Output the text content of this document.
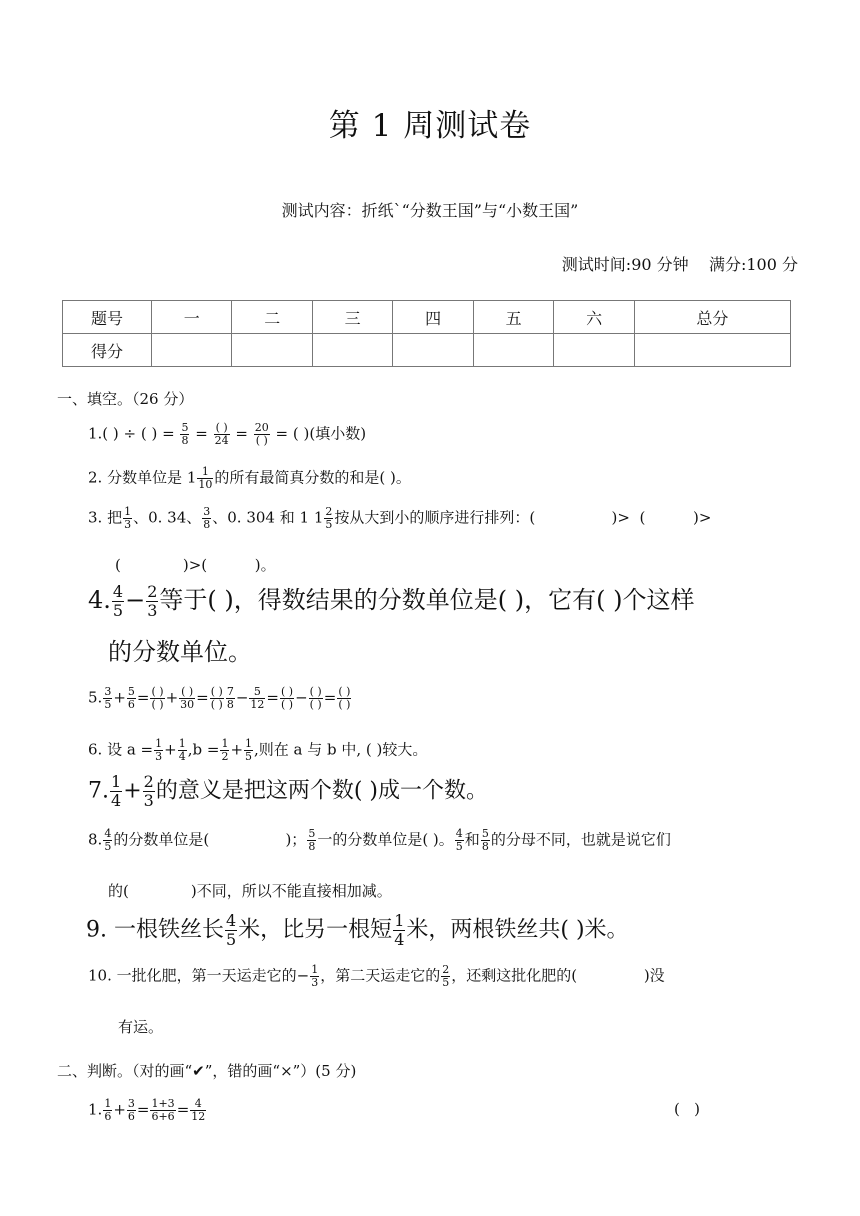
第 1 周测试卷
测试内容：折纸ˋ“分数王国”与“小数王国”
测试时间:90 分钟    满分:100 分
题号	一	二	三	四	五	六	总分
得分							
一、填空。（26 分）
1.( ) ÷ ( ) = $\frac{5}{8} = \frac{( )}{24} = \frac{20}{( )}$ = ( )(填小数)
2. 分数单位是 $1 \frac{1}{10}$ 的所有最简真分数的和是( )。
3. 把 $\frac{1}{3}$ 、0. 34、 $\frac{3}{8}$ 、0. 304 和 1 $1 \frac{2}{5}$ 按从大到小的顺序进行排列：(                )>  (          )>
(             )>(          )。
4. $\frac{4}{5} - \frac{2}{3}$ 等于( )，得数结果的分数单位是( )，它有( )个这样
的分数单位。
5. $\frac{3}{5} + \frac{5}{6} = \frac{( )}{( )} + \frac{( )}{30} = \frac{( )}{( )} \frac{7}{8} - \frac{5}{12} = \frac{( )}{( )} - \frac{( )}{( )} = \frac{( )}{( )}$
6. 设 $a = \frac{1}{3} + \frac{1}{4} ,b = \frac{1}{2} + \frac{1}{5}$ ,则在 a 与 b 中, ( )较大。
7. $\frac{1}{4} + \frac{2}{3}$ 的意义是把这两个数( )成一个数。
8. $\frac{4}{5}$ 的分数单位是(                )； $\frac{5}{8}$ 一的分数单位是( )。 $\frac{4}{5}$ 和 $\frac{5}{8}$ 的分母不同，也就是说它们
的(             )不同，所以不能直接相加减。
9. 一根铁丝长 $\frac{4}{5}$ 米，比另一根短 $\frac{1}{4}$ 米，两根铁丝共( )米。
10. 一批化肥，第一天运走它的− $\frac{1}{3}$ ，第二天运走它的 $\frac{2}{5}$ ，还剩这批化肥的(              )没
有运。
二、判断。（对的画“✔”，错的画“×”）(5 分)
1. $\frac{1}{6} + \frac{3}{6} = \frac{1+3}{6+6} = \frac{4}{12}$	(   )
